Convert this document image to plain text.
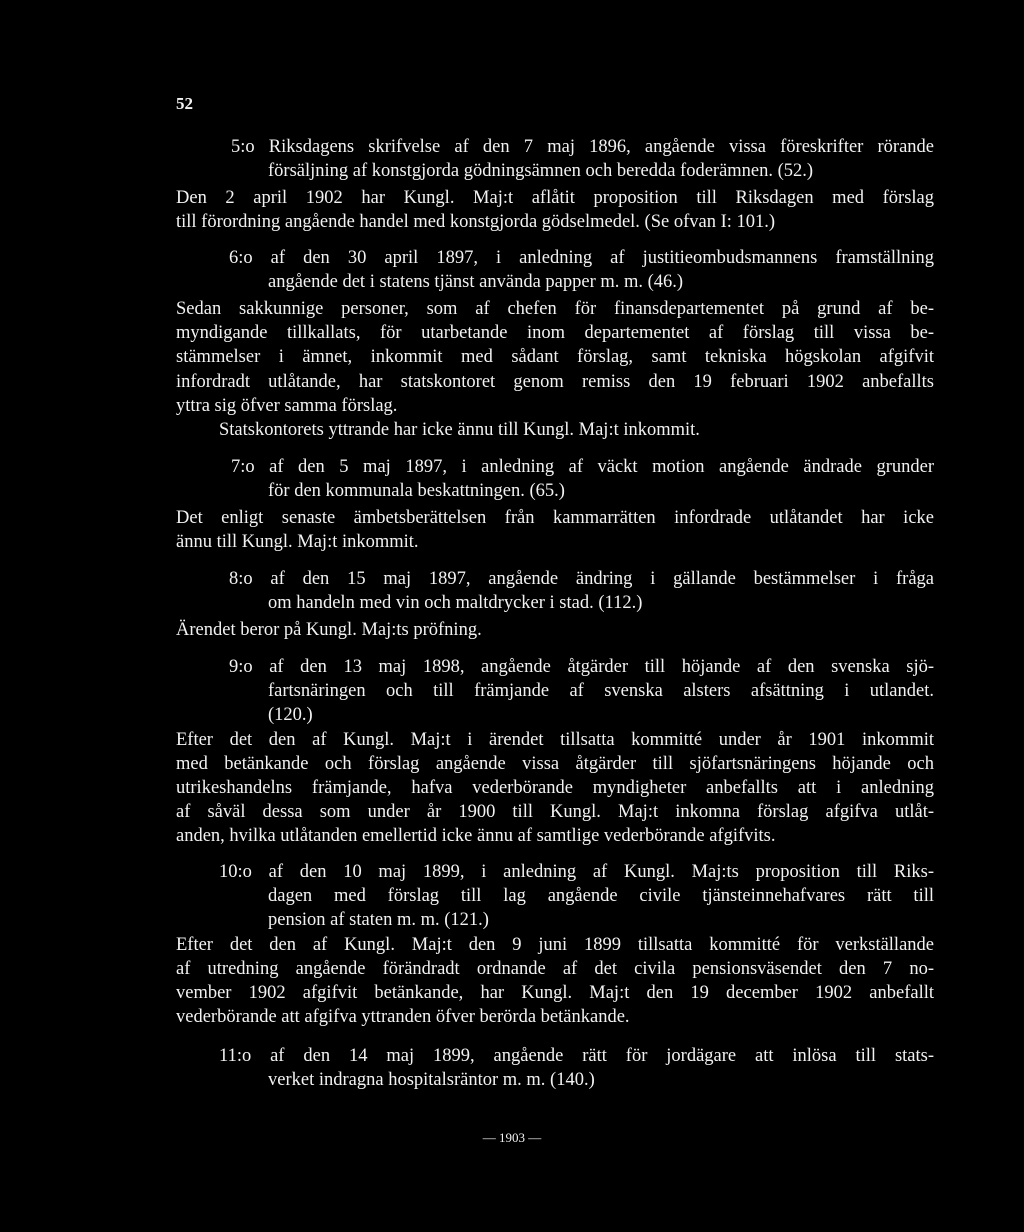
52
5:o Riksdagens skrifvelse af den 7 maj 1896, angående vissa föreskrifter rörande
försäljning af konstgjorda gödningsämnen och beredda foderämnen. (52.)
Den 2 april 1902 har Kungl. Maj:t aflåtit proposition till Riksdagen med förslag
till förordning angående handel med konstgjorda gödselmedel. (Se ofvan I: 101.)
6:o af den 30 april 1897, i anledning af justitieombudsmannens framställning
angående det i statens tjänst använda papper m. m. (46.)
Sedan sakkunnige personer, som af chefen för finansdepartementet på grund af be-
myndigande tillkallats, för utarbetande inom departementet af förslag till vissa be-
stämmelser i ämnet, inkommit med sådant förslag, samt tekniska högskolan afgifvit
infordradt utlåtande, har statskontoret genom remiss den 19 februari 1902 anbefallts
yttra sig öfver samma förslag.
Statskontorets yttrande har icke ännu till Kungl. Maj:t inkommit.
7:o af den 5 maj 1897, i anledning af väckt motion angående ändrade grunder
för den kommunala beskattningen. (65.)
Det enligt senaste ämbetsberättelsen från kammarrätten infordrade utlåtandet har icke
ännu till Kungl. Maj:t inkommit.
8:o af den 15 maj 1897, angående ändring i gällande bestämmelser i fråga
om handeln med vin och maltdrycker i stad. (112.)
Ärendet beror på Kungl. Maj:ts pröfning.
9:o af den 13 maj 1898, angående åtgärder till höjande af den svenska sjö-
fartsnäringen och till främjande af svenska alsters afsättning i utlandet.
(120.)
Efter det den af Kungl. Maj:t i ärendet tillsatta kommitté under år 1901 inkommit
med betänkande och förslag angående vissa åtgärder till sjöfartsnäringens höjande och
utrikeshandelns främjande, hafva vederbörande myndigheter anbefallts att i anledning
af såväl dessa som under år 1900 till Kungl. Maj:t inkomna förslag afgifva utlåt-
anden, hvilka utlåtanden emellertid icke ännu af samtlige vederbörande afgifvits.
10:o af den 10 maj 1899, i anledning af Kungl. Maj:ts proposition till Riks-
dagen med förslag till lag angående civile tjänsteinnehafvares rätt till
pension af staten m. m. (121.)
Efter det den af Kungl. Maj:t den 9 juni 1899 tillsatta kommitté för verkställande
af utredning angående förändradt ordnande af det civila pensionsväsendet den 7 no-
vember 1902 afgifvit betänkande, har Kungl. Maj:t den 19 december 1902 anbefallt
vederbörande att afgifva yttranden öfver berörda betänkande.
11:o af den 14 maj 1899, angående rätt för jordägare att inlösa till stats-
verket indragna hospitalsräntor m. m. (140.)
— 1903 —
